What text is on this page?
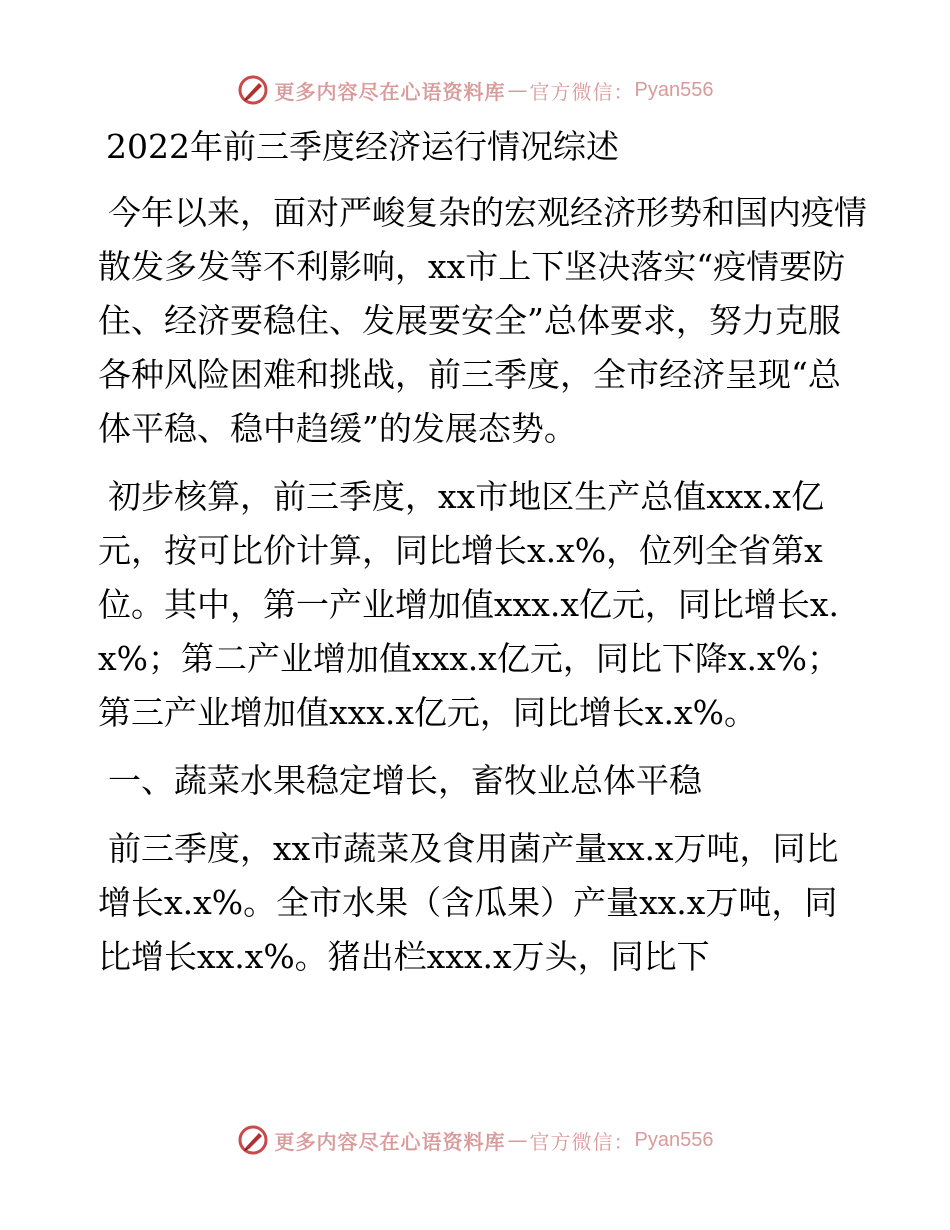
更多内容尽在心语资料库 — 官方微信： Pyan556
2022年前三季度经济运行情况综述

今年以来，面对严峻复杂的宏观经济形势和国内疫情散发多发等不利影响，xx市上下坚决落实“疫情要防住、经济要稳住、发展要安全”总体要求，努力克服各种风险困难和挑战，前三季度，全市经济呈现“总体平稳、稳中趋缓”的发展态势。

初步核算，前三季度，xx市地区生产总值xxx.x亿元，按可比价计算，同比增长x.x%，位列全省第x位。其中，第一产业增加值xxx.x亿元，同比增长x.x%；第二产业增加值xxx.x亿元，同比下降x.x%；第三产业增加值xxx.x亿元，同比增长x.x%。

一、蔬菜水果稳定增长，畜牧业总体平稳

前三季度，xx市蔬菜及食用菌产量xx.x万吨，同比增长x.x%。全市水果（含瓜果）产量xx.x万吨，同比增长xx.x%。猪出栏xxx.x万头，同比下

更多内容尽在心语资料库 — 官方微信： Pyan556
